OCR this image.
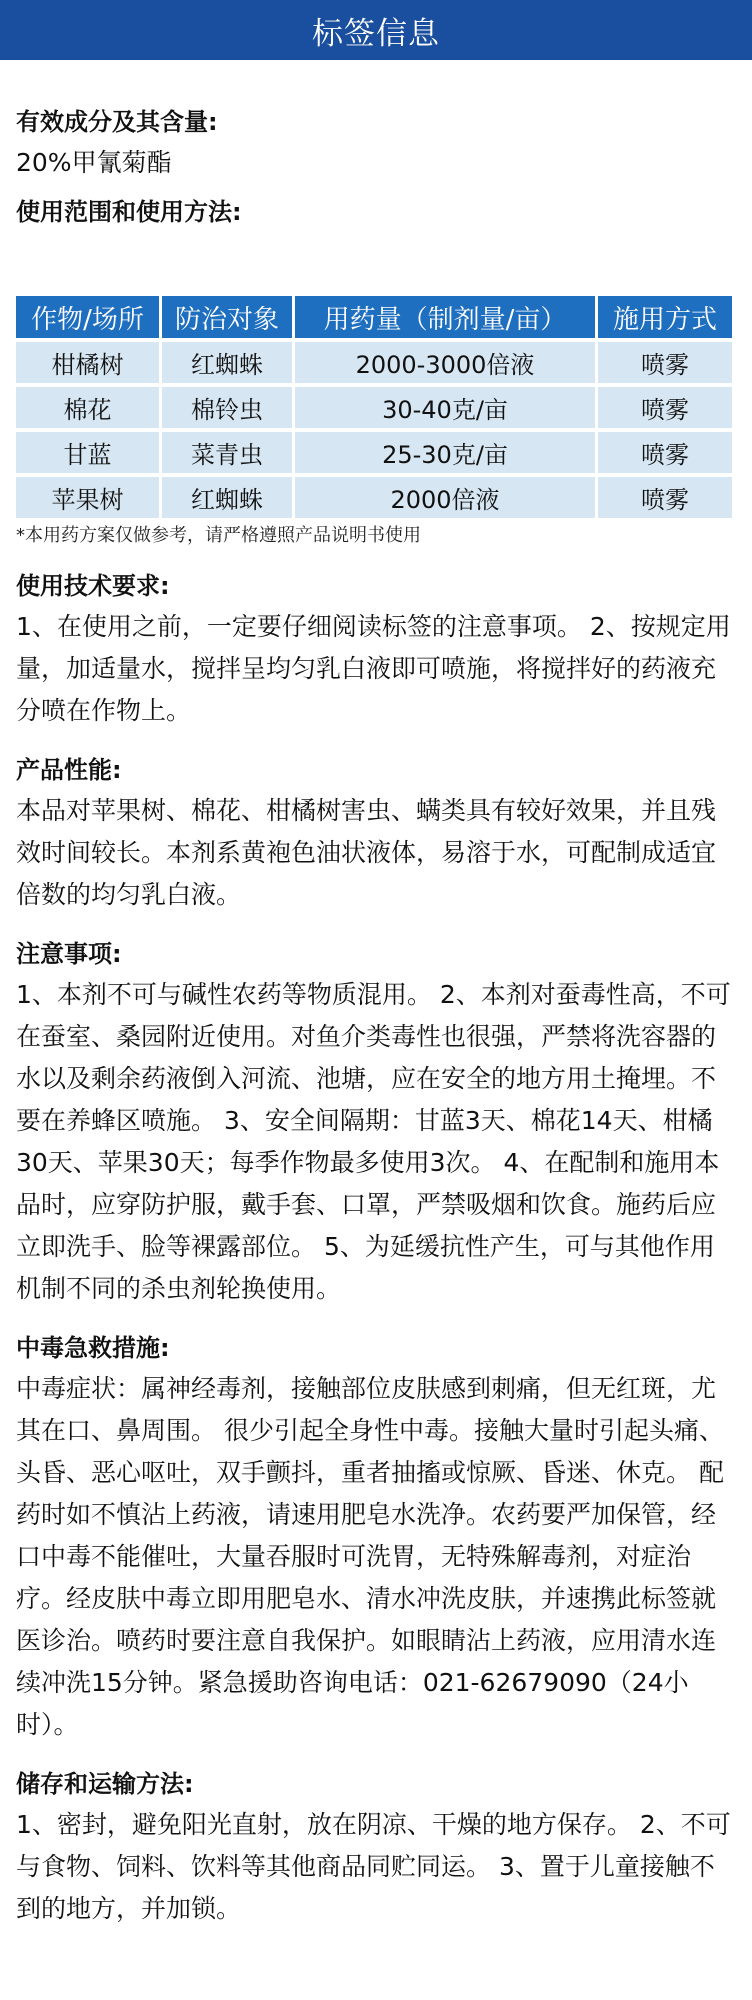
标签信息
有效成分及其含量:

20%甲氰菊酯

使用范围和使用方法:
作物/场所	防治对象	用药量（制剂量/亩）	施用方式
柑橘树	红蜘蛛	2000-3000倍液	喷雾
棉花	棉铃虫	30-40克/亩	喷雾
甘蓝	菜青虫	25-30克/亩	喷雾
苹果树	红蜘蛛	2000倍液	喷雾

*本用药方案仅做参考，请严格遵照产品说明书使用

使用技术要求:

1、在使用之前，一定要仔细阅读标签的注意事项。 2、按规定用量，加适量水，搅拌呈均匀乳白液即可喷施，将搅拌好的药液充分喷在作物上。

产品性能:

本品对苹果树、棉花、柑橘树害虫、螨类具有较好效果，并且残效时间较长。本剂系黄袍色油状液体，易溶于水，可配制成适宜倍数的均匀乳白液。

注意事项:

1、本剂不可与碱性农药等物质混用。 2、本剂对蚕毒性高，不可在蚕室、桑园附近使用。对鱼介类毒性也很强，严禁将洗容器的水以及剩余药液倒入河流、池塘，应在安全的地方用土掩埋。不要在养蜂区喷施。 3、安全间隔期：甘蓝3天、棉花14天、柑橘30天、苹果30天；每季作物最多使用3次。 4、在配制和施用本品时，应穿防护服，戴手套、口罩，严禁吸烟和饮食。施药后应立即洗手、脸等裸露部位。 5、为延缓抗性产生，可与其他作用机制不同的杀虫剂轮换使用。

中毒急救措施:

中毒症状：属神经毒剂，接触部位皮肤感到刺痛，但无红斑，尤其在口、鼻周围。 很少引起全身性中毒。接触大量时引起头痛、头昏、恶心呕吐，双手颤抖，重者抽搐或惊厥、昏迷、休克。 配药时如不慎沾上药液，请速用肥皂水洗净。农药要严加保管，经口中毒不能催吐，大量吞服时可洗胃，无特殊解毒剂，对症治疗。经皮肤中毒立即用肥皂水、清水冲洗皮肤，并速携此标签就医诊治。喷药时要注意自我保护。如眼睛沾上药液，应用清水连续冲洗15分钟。紧急援助咨询电话：021-62679090（24小时）。

储存和运输方法:

1、密封，避免阳光直射，放在阴凉、干燥的地方保存。 2、不可与食物、饲料、饮料等其他商品同贮同运。 3、置于儿童接触不到的地方，并加锁。
